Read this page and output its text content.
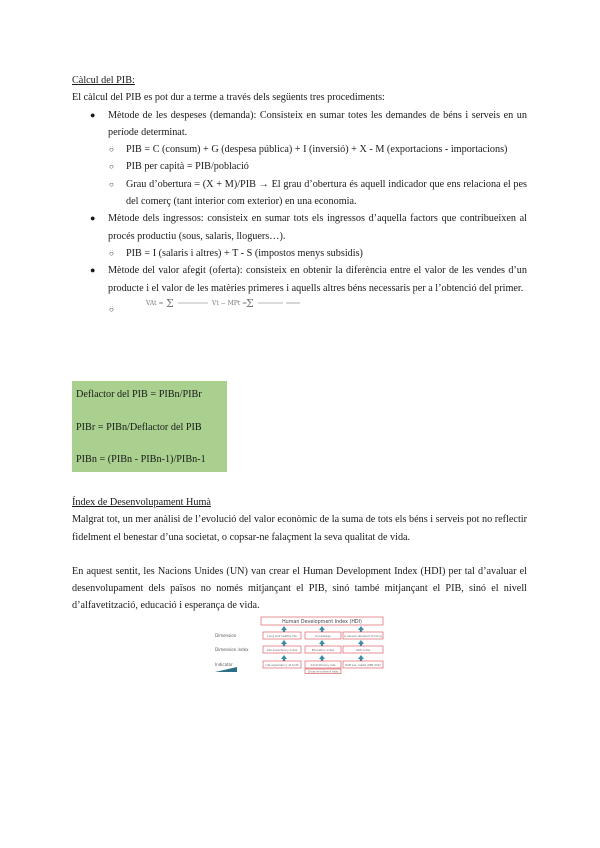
Càlcul del PIB:
El càlcul del PIB es pot dur a terme a través dels següents tres procediments:
● Mètode de les despeses (demanda): Consisteix en sumar totes les demandes de béns i serveis en un període determinat.
○ PIB = C (consum) + G (despesa pública) + I (inversió) + X - M (exportacions - importacions)
○ PIB per capità = PIB/població
○ Grau d’obertura = (X + M)/PIB → El grau d’obertura és aquell indicador que ens relaciona el pes del comerç (tant interior com exterior) en una economia.
● Mètode dels ingressos: consisteix en sumar tots els ingressos d’aquella factors que contribueixen al procés productiu (sous, salaris, lloguers…).
○ PIB = I (salaris i altres) + T - S (impostos menys subsidis)
● Mètode del valor afegit (oferta): consisteix en obtenir la diferència entre el valor de les vendes d’un producte i el valor de les matèries primeres i aquells altres béns necessaris per a l’obtenció del primer.
○
VAt = Σ	Vt − MPt =
Σ

Deflactor del PIB = PIBn/PIBr

PIBr = PIBn/Deflactor del PIB

PIBn = (PIBn - PIBn-1)/PIBn-1

Índex de Desenvolupament Humà
Malgrat tot, un mer anàlisi de l’evolució del valor econòmic de la suma de tots els béns i serveis pot no reflectir fidelment el benestar d’una societat, o copsar-ne falaçment la seva qualitat de vida.
En aquest sentit, les Nacions Unides (UN) van crear el Human Development Index (HDI) per tal d’avaluar el desenvolupament dels països no només mitjançant el PIB, sinó també mitjançant el PIB, sinó el nivell d’alfavetització, educació i esperança de vida.
Human Development Index (HDI)
Dimension
Dimension index
Indicator
Long and healthy life	Knowledge	A decent standard of living
Life expectancy index	Education index	GDP index
Life expectancy at birth	Adult literacy rate	GDP per capita (PPP US$)
Gross enrolment ratio
